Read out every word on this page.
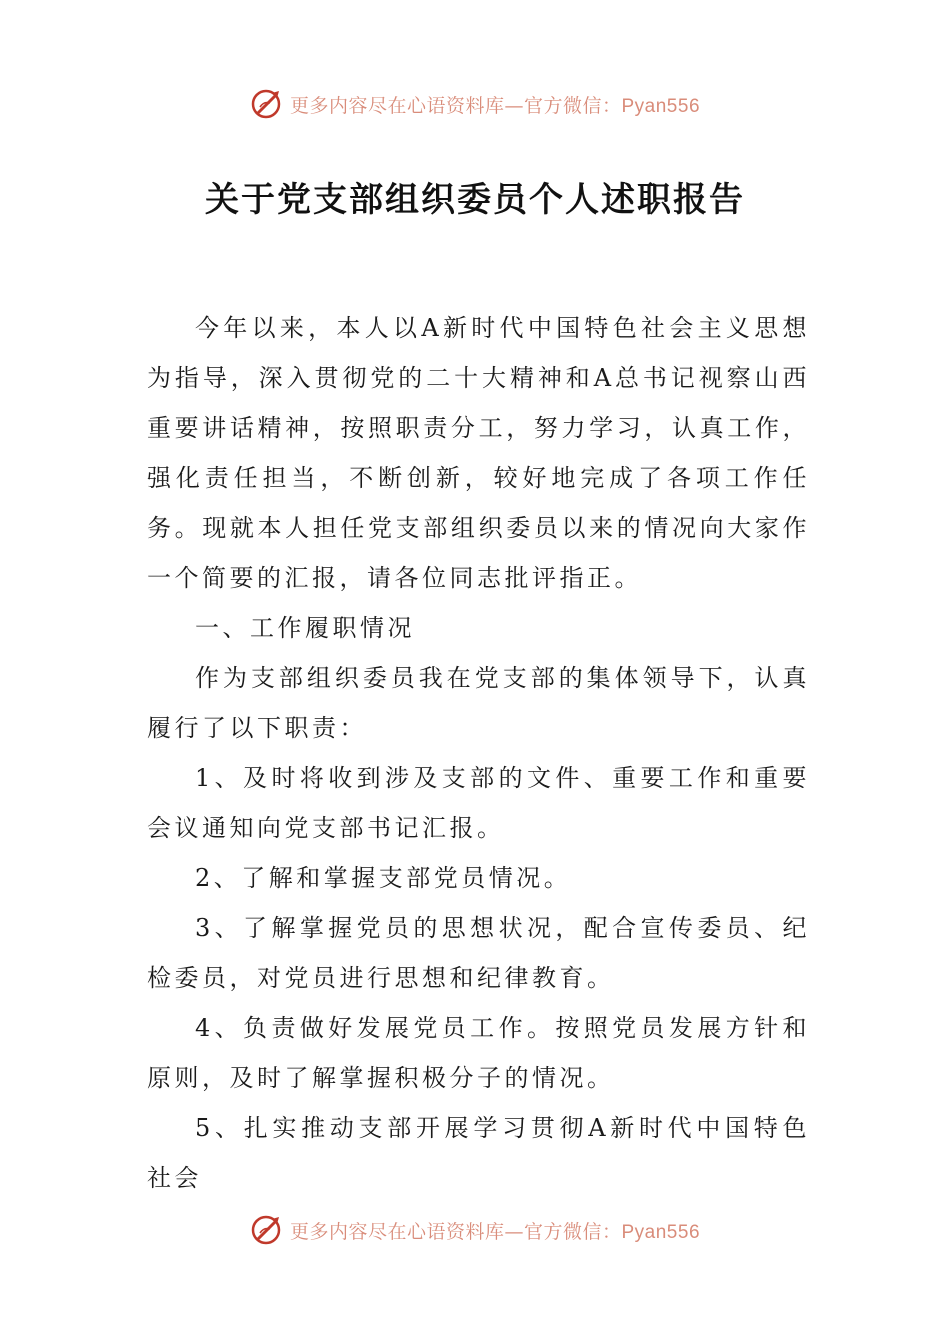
更多内容尽在心语资料库—官方微信：Pyan556
关于党支部组织委员个人述职报告

今年以来，本人以A新时代中国特色社会主义思想为指导，深入贯彻党的二十大精神和A总书记视察山西重要讲话精神，按照职责分工，努力学习，认真工作，强化责任担当，不断创新，较好地完成了各项工作任务。现就本人担任党支部组织委员以来的情况向大家作一个简要的汇报，请各位同志批评指正。

一、工作履职情况

作为支部组织委员我在党支部的集体领导下，认真履行了以下职责：

1、及时将收到涉及支部的文件、重要工作和重要会议通知向党支部书记汇报。

2、了解和掌握支部党员情况。

3、了解掌握党员的思想状况，配合宣传委员、纪检委员，对党员进行思想和纪律教育。

4、负责做好发展党员工作。按照党员发展方针和原则，及时了解掌握积极分子的情况。

5、扎实推动支部开展学习贯彻A新时代中国特色社会

更多内容尽在心语资料库—官方微信：Pyan556
